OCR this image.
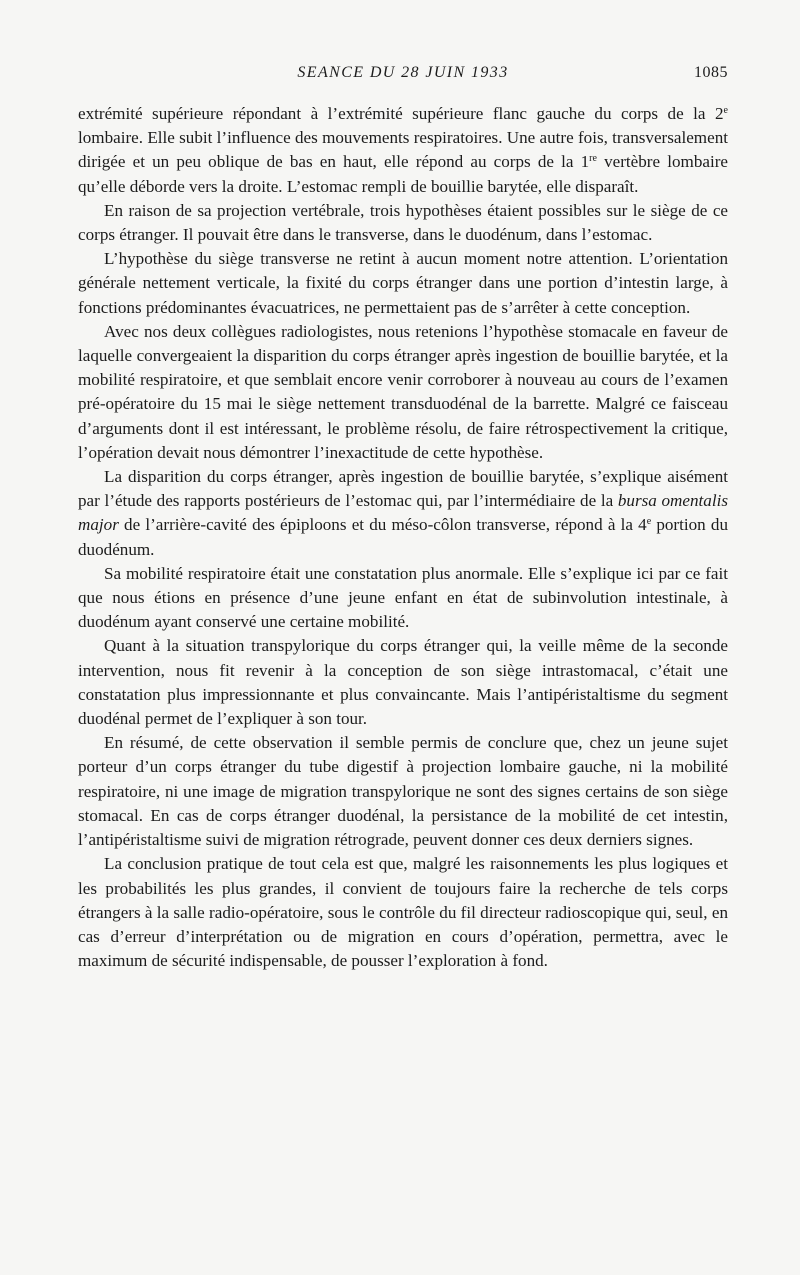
SEANCE DU 28 JUIN 1933	1085

extrémité supérieure répondant à l’extrémité supérieure flanc gauche du corps de la 2e lombaire. Elle subit l’influence des mouvements respiratoires. Une autre fois, transversalement dirigée et un peu oblique de bas en haut, elle répond au corps de la 1re vertèbre lombaire qu’elle déborde vers la droite. L’estomac rempli de bouillie barytée, elle disparaît.

En raison de sa projection vertébrale, trois hypothèses étaient possibles sur le siège de ce corps étranger. Il pouvait être dans le transverse, dans le duodénum, dans l’estomac.

L’hypothèse du siège transverse ne retint à aucun moment notre attention. L’orientation générale nettement verticale, la fixité du corps étranger dans une portion d’intestin large, à fonctions prédominantes évacuatrices, ne permettaient pas de s’arrêter à cette conception.

Avec nos deux collègues radiologistes, nous retenions l’hypothèse stomacale en faveur de laquelle convergeaient la disparition du corps étranger après ingestion de bouillie barytée, et la mobilité respiratoire, et que semblait encore venir corroborer à nouveau au cours de l’examen pré-opératoire du 15 mai le siège nettement transduodénal de la barrette. Malgré ce faisceau d’arguments dont il est intéressant, le problème résolu, de faire rétrospectivement la critique, l’opération devait nous démontrer l’inexactitude de cette hypothèse.

La disparition du corps étranger, après ingestion de bouillie barytée, s’explique aisément par l’étude des rapports postérieurs de l’estomac qui, par l’intermédiaire de la bursa omentalis major de l’arrière-cavité des épiploons et du méso-côlon transverse, répond à la 4e portion du duodénum.

Sa mobilité respiratoire était une constatation plus anormale. Elle s’explique ici par ce fait que nous étions en présence d’une jeune enfant en état de subinvolution intestinale, à duodénum ayant conservé une certaine mobilité.

Quant à la situation transpylorique du corps étranger qui, la veille même de la seconde intervention, nous fit revenir à la conception de son siège intrastomacal, c’était une constatation plus impressionnante et plus convaincante. Mais l’antipéristaltisme du segment duodénal permet de l’expliquer à son tour.

En résumé, de cette observation il semble permis de conclure que, chez un jeune sujet porteur d’un corps étranger du tube digestif à projection lombaire gauche, ni la mobilité respiratoire, ni une image de migration transpylorique ne sont des signes certains de son siège stomacal. En cas de corps étranger duodénal, la persistance de la mobilité de cet intestin, l’antipéristaltisme suivi de migration rétrograde, peuvent donner ces deux derniers signes.

La conclusion pratique de tout cela est que, malgré les raisonnements les plus logiques et les probabilités les plus grandes, il convient de toujours faire la recherche de tels corps étrangers à la salle radio-opératoire, sous le contrôle du fil directeur radioscopique qui, seul, en cas d’erreur d’interprétation ou de migration en cours d’opération, permettra, avec le maximum de sécurité indispensable, de pousser l’exploration à fond.
